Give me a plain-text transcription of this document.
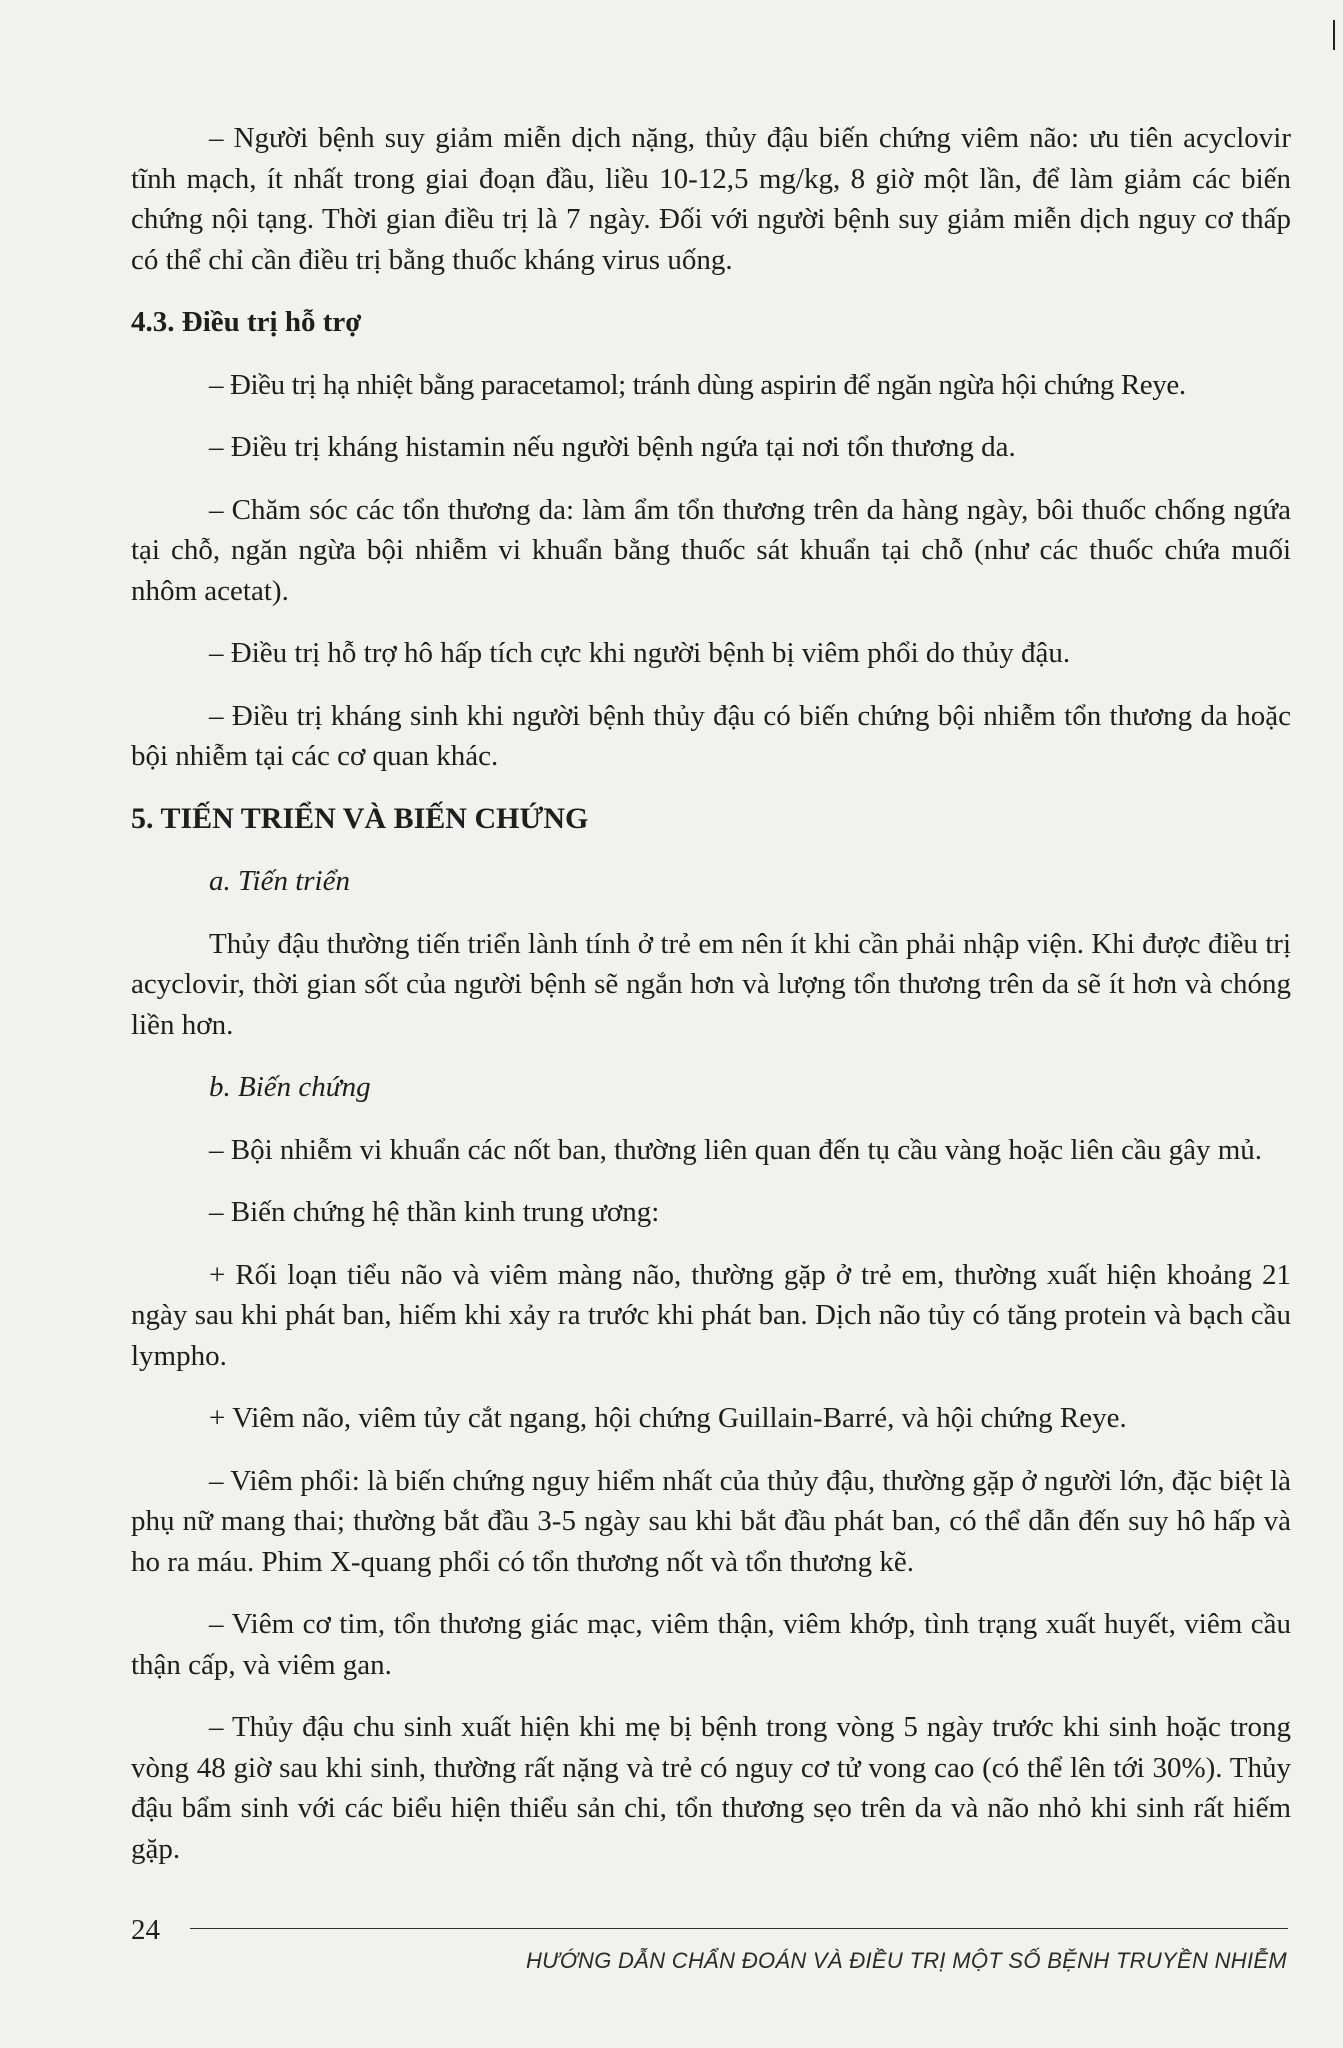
– Người bệnh suy giảm miễn dịch nặng, thủy đậu biến chứng viêm não: ưu tiên acyclovir tĩnh mạch, ít nhất trong giai đoạn đầu, liều 10-12,5 mg/kg, 8 giờ một lần, để làm giảm các biến chứng nội tạng. Thời gian điều trị là 7 ngày. Đối với người bệnh suy giảm miễn dịch nguy cơ thấp có thể chỉ cần điều trị bằng thuốc kháng virus uống.

4.3. Điều trị hỗ trợ

– Điều trị hạ nhiệt bằng paracetamol; tránh dùng aspirin để ngăn ngừa hội chứng Reye.

– Điều trị kháng histamin nếu người bệnh ngứa tại nơi tổn thương da.

– Chăm sóc các tổn thương da: làm ẩm tổn thương trên da hàng ngày, bôi thuốc chống ngứa tại chỗ, ngăn ngừa bội nhiễm vi khuẩn bằng thuốc sát khuẩn tại chỗ (như các thuốc chứa muối nhôm acetat).

– Điều trị hỗ trợ hô hấp tích cực khi người bệnh bị viêm phổi do thủy đậu.

– Điều trị kháng sinh khi người bệnh thủy đậu có biến chứng bội nhiễm tổn thương da hoặc bội nhiễm tại các cơ quan khác.

5. TIẾN TRIỂN VÀ BIẾN CHỨNG
a. Tiến triển

Thủy đậu thường tiến triển lành tính ở trẻ em nên ít khi cần phải nhập viện. Khi được điều trị acyclovir, thời gian sốt của người bệnh sẽ ngắn hơn và lượng tổn thương trên da sẽ ít hơn và chóng liền hơn.

b. Biến chứng

– Bội nhiễm vi khuẩn các nốt ban, thường liên quan đến tụ cầu vàng hoặc liên cầu gây mủ.

– Biến chứng hệ thần kinh trung ương:

+ Rối loạn tiểu não và viêm màng não, thường gặp ở trẻ em, thường xuất hiện khoảng 21 ngày sau khi phát ban, hiếm khi xảy ra trước khi phát ban. Dịch não tủy có tăng protein và bạch cầu lympho.

+ Viêm não, viêm tủy cắt ngang, hội chứng Guillain-Barré, và hội chứng Reye.

– Viêm phổi: là biến chứng nguy hiểm nhất của thủy đậu, thường gặp ở người lớn, đặc biệt là phụ nữ mang thai; thường bắt đầu 3-5 ngày sau khi bắt đầu phát ban, có thể dẫn đến suy hô hấp và ho ra máu. Phim X-quang phổi có tổn thương nốt và tổn thương kẽ.

– Viêm cơ tim, tổn thương giác mạc, viêm thận, viêm khớp, tình trạng xuất huyết, viêm cầu thận cấp, và viêm gan.

– Thủy đậu chu sinh xuất hiện khi mẹ bị bệnh trong vòng 5 ngày trước khi sinh hoặc trong vòng 48 giờ sau khi sinh, thường rất nặng và trẻ có nguy cơ tử vong cao (có thể lên tới 30%). Thủy đậu bẩm sinh với các biểu hiện thiểu sản chi, tổn thương sẹo trên da và não nhỏ khi sinh rất hiếm gặp.

24
HƯỚNG DẪN CHẨN ĐOÁN VÀ ĐIỀU TRỊ MỘT SỐ BỆNH TRUYỀN NHIỄM
